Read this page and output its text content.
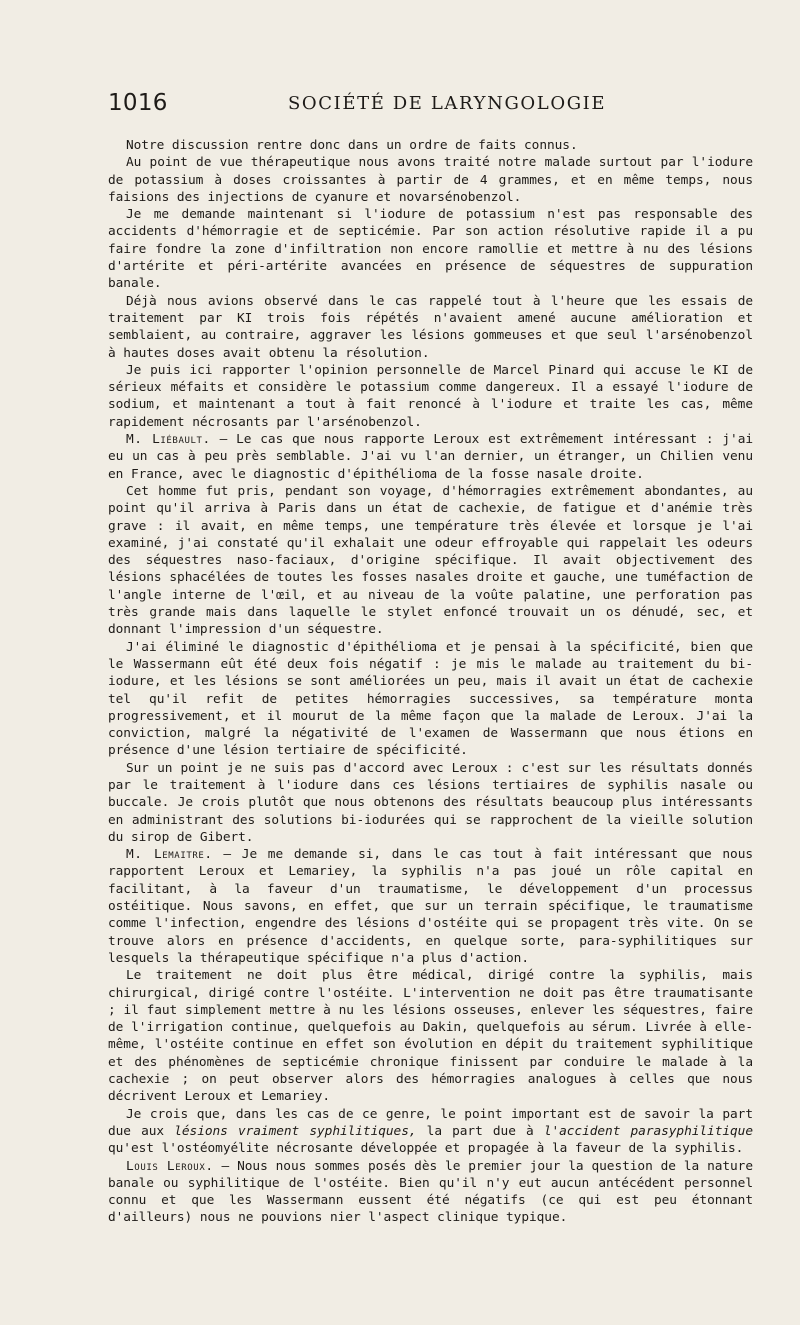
1016	SOCIÉTÉ DE LARYNGOLOGIE

Notre discussion rentre donc dans un ordre de faits connus.

Au point de vue thérapeutique nous avons traité notre malade surtout par l'iodure de potassium à doses croissantes à partir de 4 grammes, et en même temps, nous faisions des injections de cyanure et novarsénobenzol.

Je me demande maintenant si l'iodure de potassium n'est pas responsable des accidents d'hémorragie et de septicémie. Par son action résolutive rapide il a pu faire fondre la zone d'infiltration non encore ramollie et mettre à nu des lésions d'artérite et péri-artérite avancées en présence de séquestres de suppuration banale.

Déjà nous avions observé dans le cas rappelé tout à l'heure que les essais de traitement par KI trois fois répétés n'avaient amené aucune amélioration et semblaient, au contraire, aggraver les lésions gommeuses et que seul l'arsénobenzol à hautes doses avait obtenu la résolution.

Je puis ici rapporter l'opinion personnelle de Marcel Pinard qui accuse le KI de sérieux méfaits et considère le potassium comme dangereux. Il a essayé l'iodure de sodium, et maintenant a tout à fait renoncé à l'iodure et traite les cas, même rapidement nécrosants par l'arsénobenzol.

M. Liébault. — Le cas que nous rapporte Leroux est extrêmement intéressant : j'ai eu un cas à peu près semblable. J'ai vu l'an dernier, un étranger, un Chilien venu en France, avec le diagnostic d'épithélioma de la fosse nasale droite.

Cet homme fut pris, pendant son voyage, d'hémorragies extrêmement abondantes, au point qu'il arriva à Paris dans un état de cachexie, de fatigue et d'anémie très grave : il avait, en même temps, une température très élevée et lorsque je l'ai examiné, j'ai constaté qu'il exhalait une odeur effroyable qui rappelait les odeurs des séquestres naso-faciaux, d'origine spécifique. Il avait objectivement des lésions sphacélées de toutes les fosses nasales droite et gauche, une tuméfaction de l'angle interne de l'œil, et au niveau de la voûte palatine, une perforation pas très grande mais dans laquelle le stylet enfoncé trouvait un os dénudé, sec, et donnant l'impression d'un séquestre.

J'ai éliminé le diagnostic d'épithélioma et je pensai à la spécificité, bien que le Wassermann eût été deux fois négatif : je mis le malade au traitement du bi-iodure, et les lésions se sont améliorées un peu, mais il avait un état de cachexie tel qu'il refit de petites hémorragies successives, sa température monta progressivement, et il mourut de la même façon que la malade de Leroux. J'ai la conviction, malgré la négativité de l'examen de Wassermann que nous étions en présence d'une lésion tertiaire de spécificité.

Sur un point je ne suis pas d'accord avec Leroux : c'est sur les résultats donnés par le traitement à l'iodure dans ces lésions tertiaires de syphilis nasale ou buccale. Je crois plutôt que nous obtenons des résultats beaucoup plus intéressants en administrant des solutions bi-iodurées qui se rapprochent de la vieille solution du sirop de Gibert.

M. Lemaitre. — Je me demande si, dans le cas tout à fait intéressant que nous rapportent Leroux et Lemariey, la syphilis n'a pas joué un rôle capital en facilitant, à la faveur d'un traumatisme, le développement d'un processus ostéitique. Nous savons, en effet, que sur un terrain spécifique, le traumatisme comme l'infection, engendre des lésions d'ostéite qui se propagent très vite. On se trouve alors en présence d'accidents, en quelque sorte, para-syphilitiques sur lesquels la thérapeutique spécifique n'a plus d'action.

Le traitement ne doit plus être médical, dirigé contre la syphilis, mais chirurgical, dirigé contre l'ostéite. L'intervention ne doit pas être traumatisante ; il faut simplement mettre à nu les lésions osseuses, enlever les séquestres, faire de l'irrigation continue, quelquefois au Dakin, quelquefois au sérum. Livrée à elle-même, l'ostéite continue en effet son évolution en dépit du traitement syphilitique et des phénomènes de septicémie chronique finissent par conduire le malade à la cachexie ; on peut observer alors des hémorragies analogues à celles que nous décrivent Leroux et Lemariey.

Je crois que, dans les cas de ce genre, le point important est de savoir la part due aux lésions vraiment syphilitiques, la part due à l'accident parasyphilitique qu'est l'ostéomyélite nécrosante développée et propagée à la faveur de la syphilis.

Louis Leroux. — Nous nous sommes posés dès le premier jour la question de la nature banale ou syphilitique de l'ostéite. Bien qu'il n'y eut aucun antécédent personnel connu et que les Wassermann eussent été négatifs (ce qui est peu étonnant d'ailleurs) nous ne pouvions nier l'aspect clinique typique.
